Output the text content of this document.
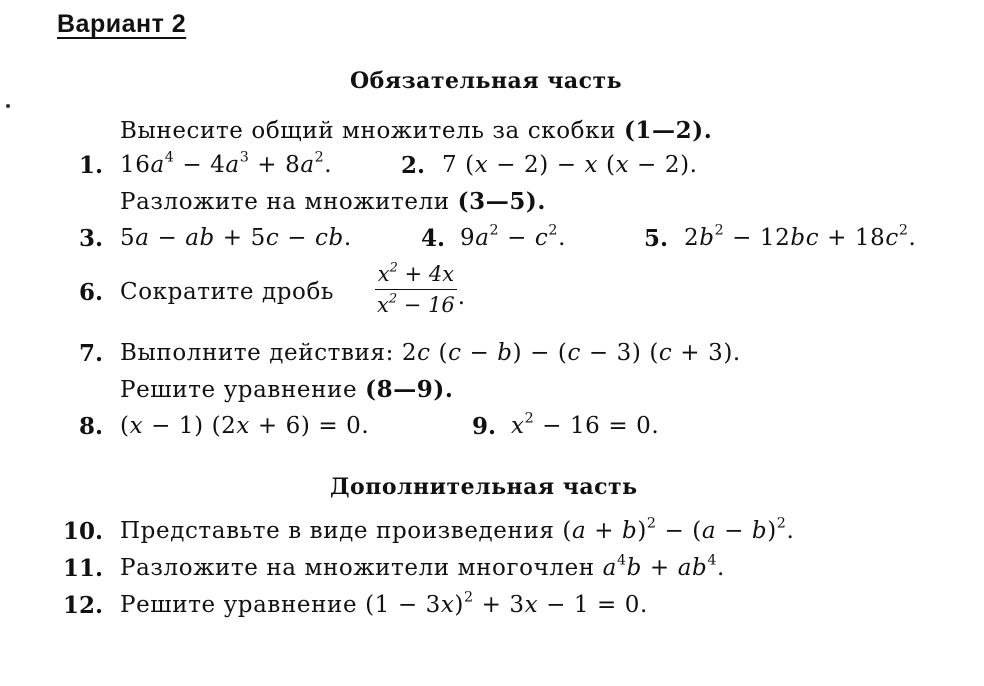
Вариант 2
Обязательная часть
Вынесите общий множитель за скобки (1—2).
1. $16a^4 - 4a^3 + 8a^2$.	2. 7 (x − 2) − x (x − 2).
Разложите на множители (3—5).
3. 5a − ab + 5c − cb.	4. $9a^2 - c^2$.	5. $2b^2 - 12bc + 18c^2$.
6. Сократите дробь $\frac{x^2 + 4x}{x^2 - 16}$ .
7. Выполните действия: 2c (c − b) − (c − 3) (c + 3).
Решите уравнение (8—9).
8. (x − 1) (2x + 6) = 0.	9. $x^2 - 16 = 0$.
Дополнительная часть
10. Представьте в виде произведения $(a + b)^2 - (a - b)^2$.
11. Разложите на множители многочлен $a^4b + ab^4$.
12. Решите уравнение $(1 - 3x)^2 + 3x - 1 = 0$.
